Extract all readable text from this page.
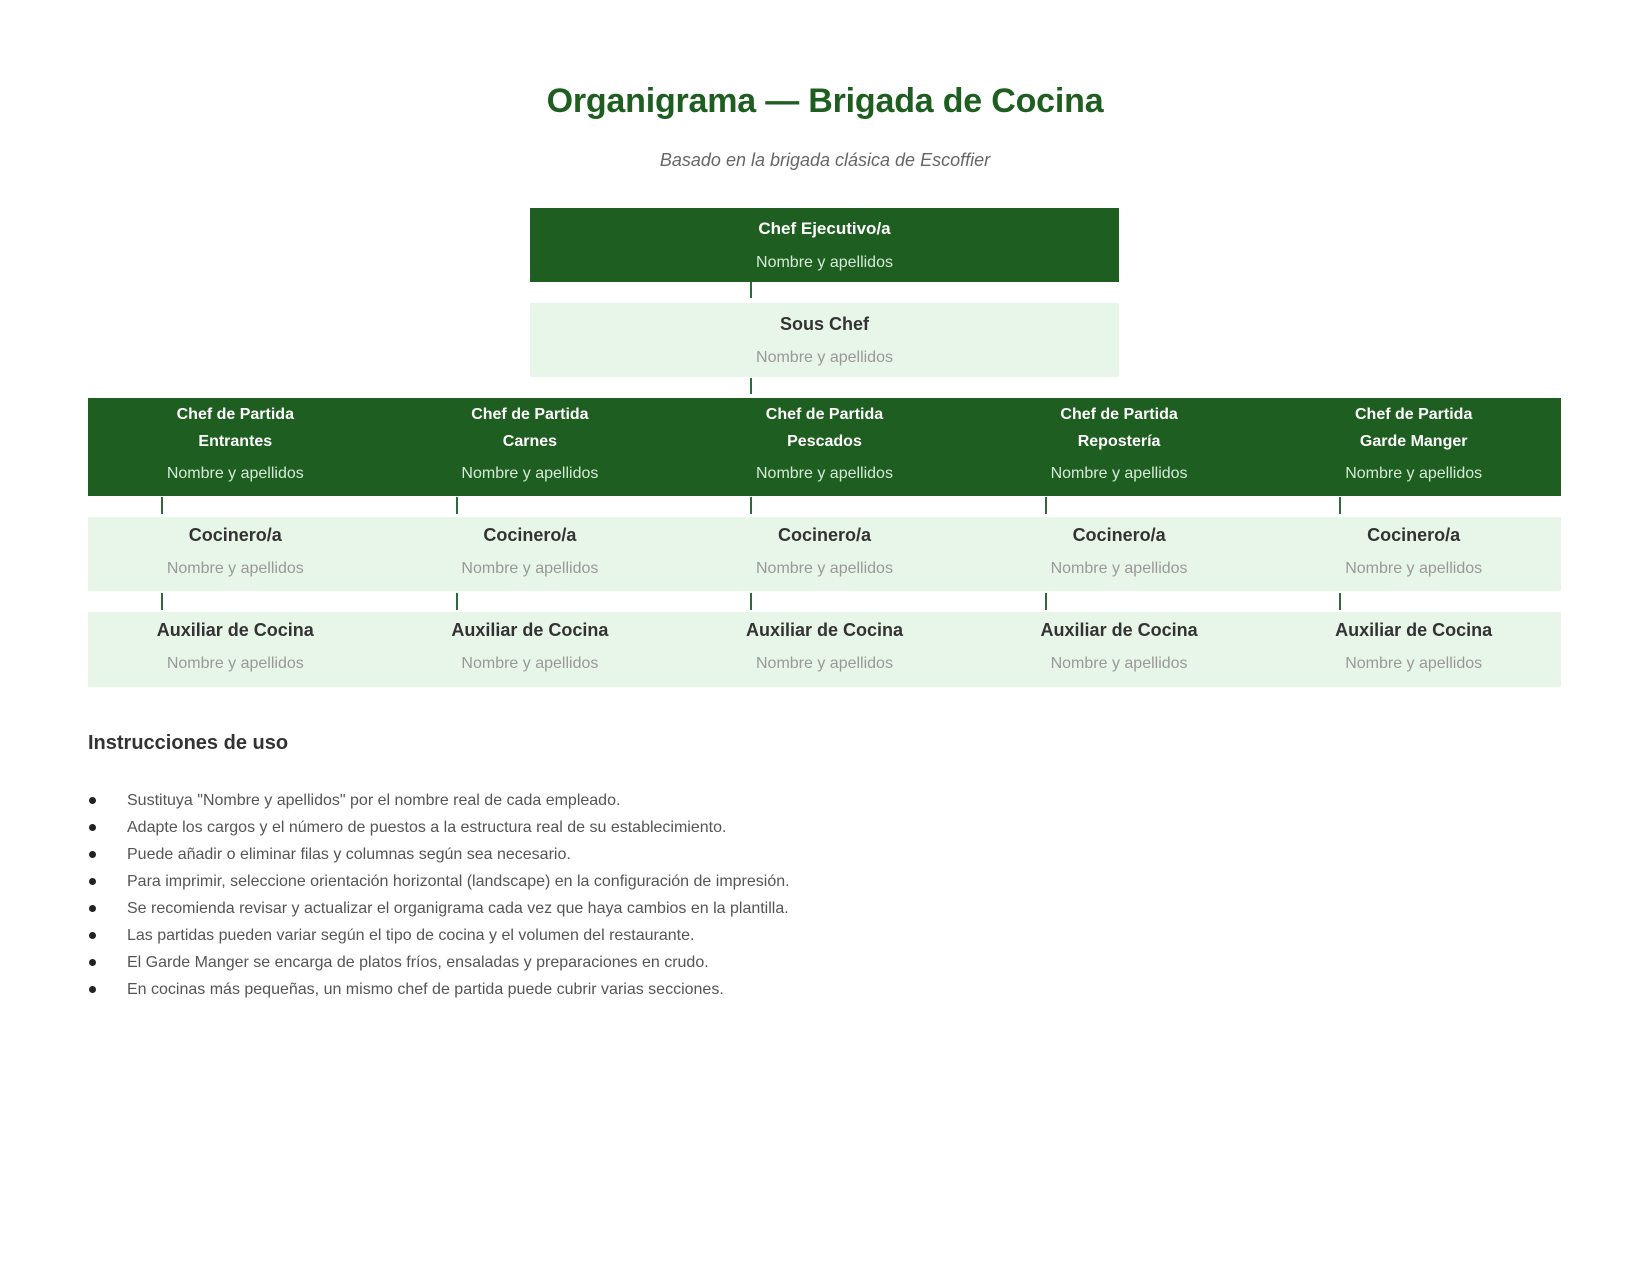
Organigrama — Brigada de Cocina

Basado en la brigada clásica de Escoffier

Chef Ejecutivo/a
Nombre y apellidos
Sous Chef
Nombre y apellidos
Chef de Partida
Entrantes
Nombre y apellidos
Chef de Partida
Carnes
Nombre y apellidos
Chef de Partida
Pescados
Nombre y apellidos
Chef de Partida
Repostería
Nombre y apellidos
Chef de Partida
Garde Manger
Nombre y apellidos
Cocinero/a
Nombre y apellidos
Cocinero/a
Nombre y apellidos
Cocinero/a
Nombre y apellidos
Cocinero/a
Nombre y apellidos
Cocinero/a
Nombre y apellidos
Auxiliar de Cocina
Nombre y apellidos
Auxiliar de Cocina
Nombre y apellidos
Auxiliar de Cocina
Nombre y apellidos
Auxiliar de Cocina
Nombre y apellidos
Auxiliar de Cocina
Nombre y apellidos
Instrucciones de uso
Sustituya "Nombre y apellidos" por el nombre real de cada empleado.
Adapte los cargos y el número de puestos a la estructura real de su establecimiento.
Puede añadir o eliminar filas y columnas según sea necesario.
Para imprimir, seleccione orientación horizontal (landscape) en la configuración de impresión.
Se recomienda revisar y actualizar el organigrama cada vez que haya cambios en la plantilla.
Las partidas pueden variar según el tipo de cocina y el volumen del restaurante.
El Garde Manger se encarga de platos fríos, ensaladas y preparaciones en crudo.
En cocinas más pequeñas, un mismo chef de partida puede cubrir varias secciones.
